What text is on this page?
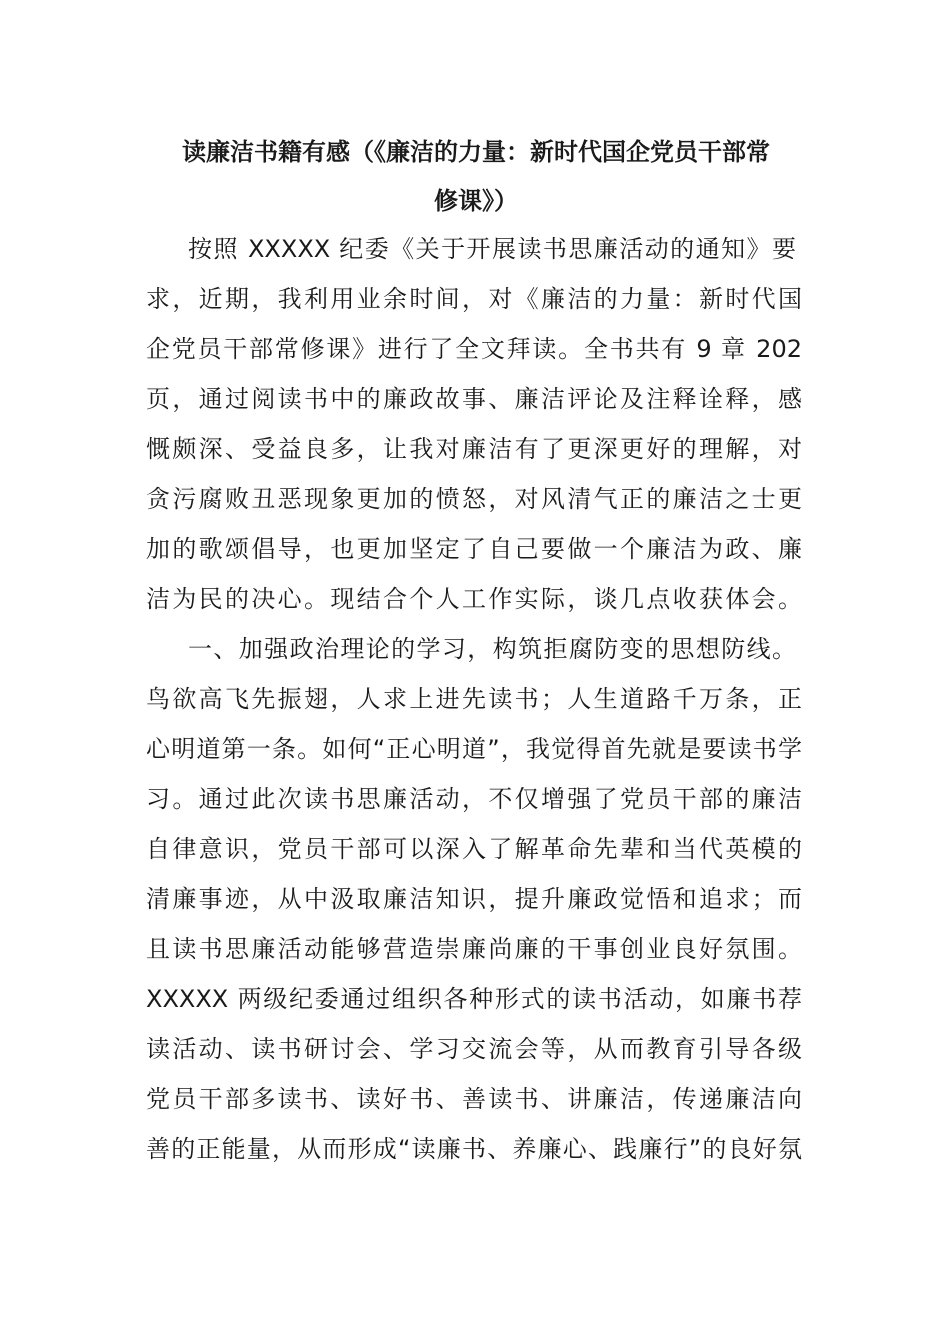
读廉洁书籍有感（《廉洁的力量：新时代国企党员干部常
修课》）
按照 XXXXX 纪委《关于开展读书思廉活动的通知》要
求，近期，我利用业余时间，对《廉洁的力量：新时代国
企党员干部常修课》进行了全文拜读。全书共有 9 章 202
页，通过阅读书中的廉政故事、廉洁评论及注释诠释，感
慨颇深、受益良多，让我对廉洁有了更深更好的理解，对
贪污腐败丑恶现象更加的愤怒，对风清气正的廉洁之士更
加的歌颂倡导，也更加坚定了自己要做一个廉洁为政、廉
洁为民的决心。现结合个人工作实际，谈几点收获体会。
一、加强政治理论的学习，构筑拒腐防变的思想防线。
鸟欲高飞先振翅，人求上进先读书；人生道路千万条，正
心明道第一条。如何“正心明道”，我觉得首先就是要读书学
习。通过此次读书思廉活动，不仅增强了党员干部的廉洁
自律意识，党员干部可以深入了解革命先辈和当代英模的
清廉事迹，从中汲取廉洁知识，提升廉政觉悟和追求；而
且读书思廉活动能够营造崇廉尚廉的干事创业良好氛围。
XXXXX 两级纪委通过组织各种形式的读书活动，如廉书荐
读活动、读书研讨会、学习交流会等，从而教育引导各级
党员干部多读书、读好书、善读书、讲廉洁，传递廉洁向
善的正能量，从而形成“读廉书、养廉心、践廉行”的良好氛
